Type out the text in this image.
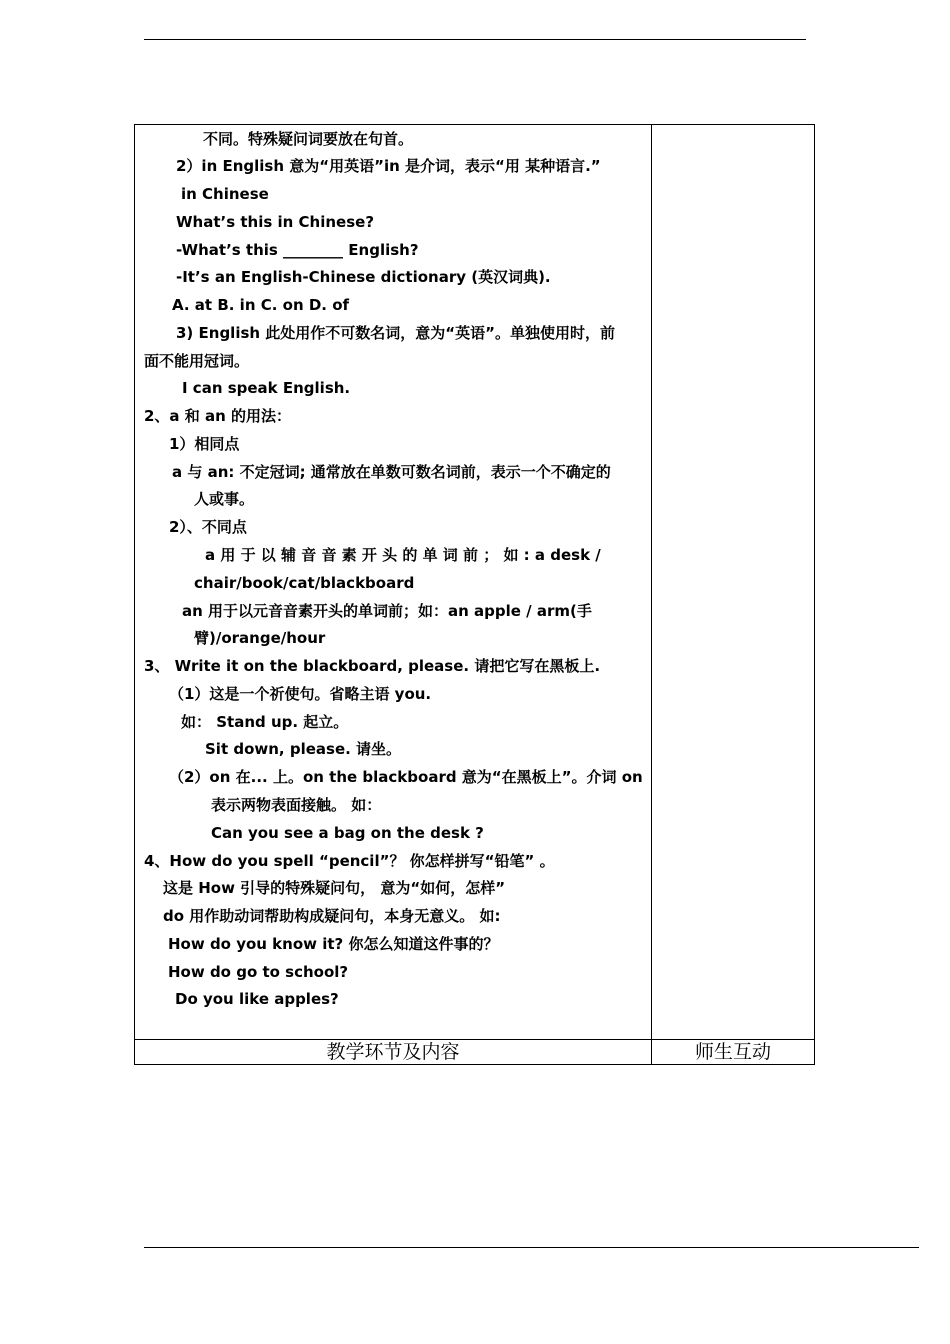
不同。特殊疑问词要放在句首。
2）in English 意为“用英语”in 是介词，表示“用 某种语言.”
in Chinese
What’s this in Chinese?
-What’s this ________ English?
-It’s an English-Chinese dictionary (英汉词典).
A. at B. in C. on D. of
3) English 此处用作不可数名词，意为“英语”。单独使用时，前
面不能用冠词。
I can speak English.
2、a 和 an 的用法：
1）相同点
a 与 an: 不定冠词; 通常放在单数可数名词前，表示一个不确定的
人或事。
2）、不同点
a 用 于 以 辅 音 音 素 开 头 的 单 词 前 ； 如 : a desk /
chair/book/cat/blackboard
an 用于以元音音素开头的单词前；如：an apple / arm(手
臂)/orange/hour
3、 Write it on the blackboard, please. 请把它写在黑板上.
（1）这是一个祈使句。省略主语 you.
如： Stand up. 起立。
Sit down, please. 请坐。
（2）on 在... 上。on the blackboard 意为“在黑板上”。介词 on
表示两物表面接触。 如：
Can you see a bag on the desk ?
4、How do you spell “pencil”？ 你怎样拼写“铅笔” 。
这是 How 引导的特殊疑问句， 意为“如何，怎样”
do 用作助动词帮助构成疑问句，本身无意义。 如:
How do you know it? 你怎么知道这件事的？
How do go to school?
Do you like apples?
教学环节及内容	师生互动
